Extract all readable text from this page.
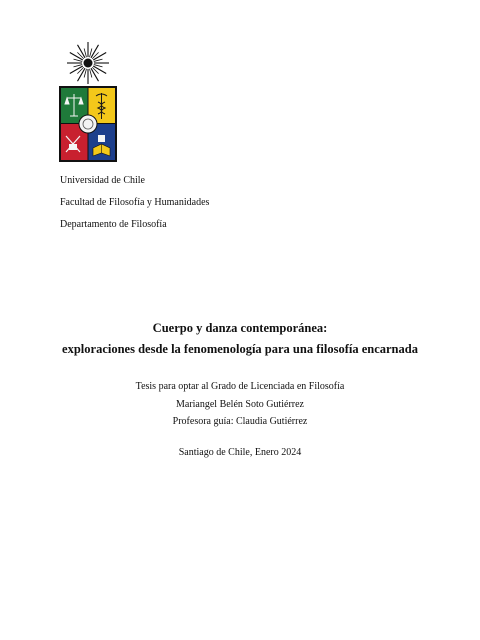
Universidad de Chile
Facultad de Filosofía y Humanidades
Departamento de Filosofía
Cuerpo y danza contemporánea:
exploraciones desde la fenomenología para una filosofía encarnada
Tesis para optar al Grado de Licenciada en Filosofía
Mariangel Belén Soto Gutiérrez
Profesora guía: Claudia Gutiérrez
Santiago de Chile, Enero 2024
